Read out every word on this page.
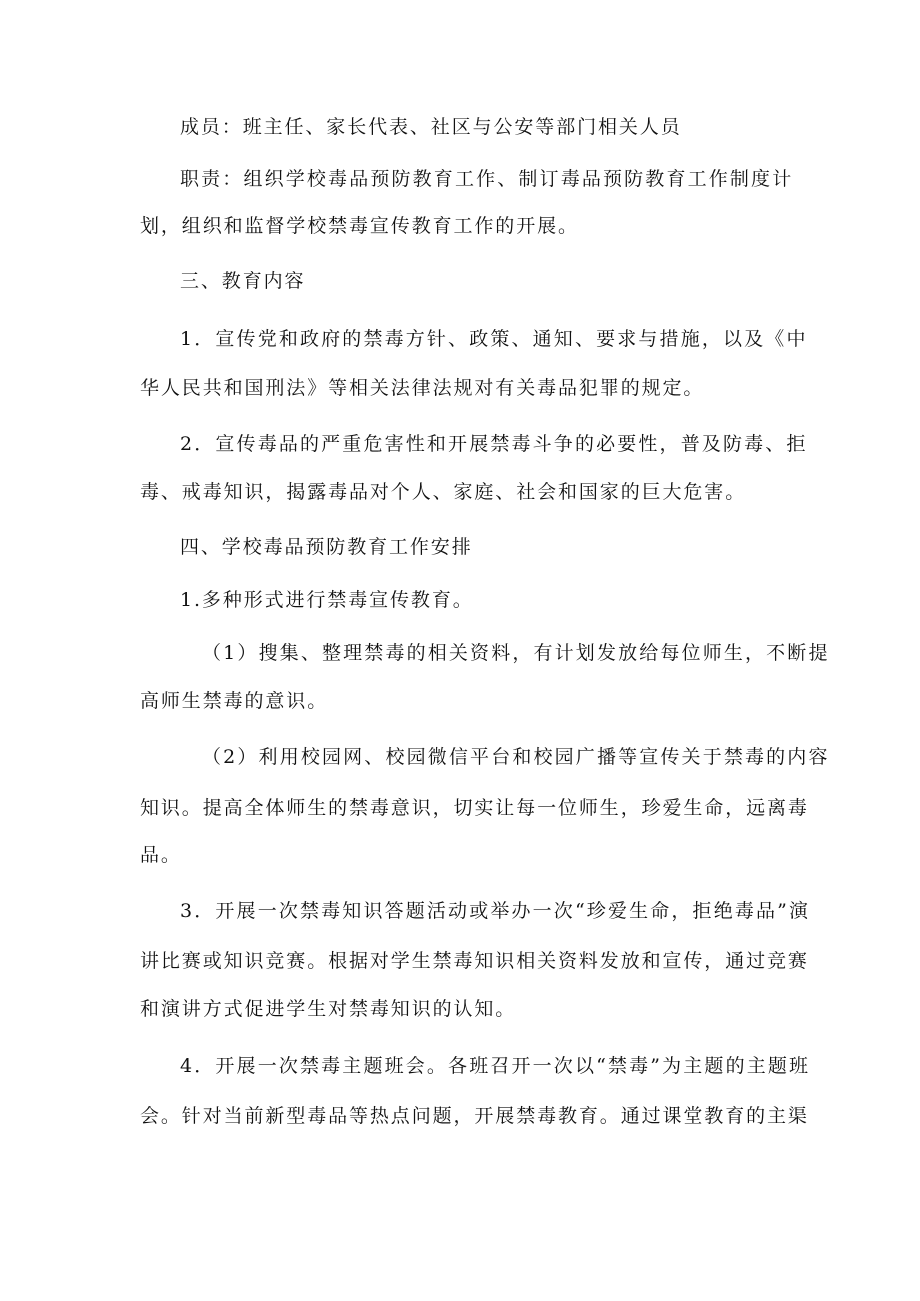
成员：班主任、家长代表、社区与公安等部门相关人员

职责：组织学校毒品预防教育工作、制订毒品预防教育工作制度计

划，组织和监督学校禁毒宣传教育工作的开展。

三、教育内容

1．宣传党和政府的禁毒方针、政策、通知、要求与措施，以及《中

华人民共和国刑法》等相关法律法规对有关毒品犯罪的规定。

2．宣传毒品的严重危害性和开展禁毒斗争的必要性，普及防毒、拒

毒、戒毒知识，揭露毒品对个人、家庭、社会和国家的巨大危害。

四、学校毒品预防教育工作安排

1.多种形式进行禁毒宣传教育。

（1）搜集、整理禁毒的相关资料，有计划发放给每位师生，不断提

高师生禁毒的意识。

（2）利用校园网、校园微信平台和校园广播等宣传关于禁毒的内容

知识。提高全体师生的禁毒意识，切实让每一位师生，珍爱生命，远离毒

品。

3．开展一次禁毒知识答题活动或举办一次“珍爱生命，拒绝毒品”演

讲比赛或知识竞赛。根据对学生禁毒知识相关资料发放和宣传，通过竞赛

和演讲方式促进学生对禁毒知识的认知。

4．开展一次禁毒主题班会。各班召开一次以“禁毒”为主题的主题班

会。针对当前新型毒品等热点问题，开展禁毒教育。通过课堂教育的主渠
